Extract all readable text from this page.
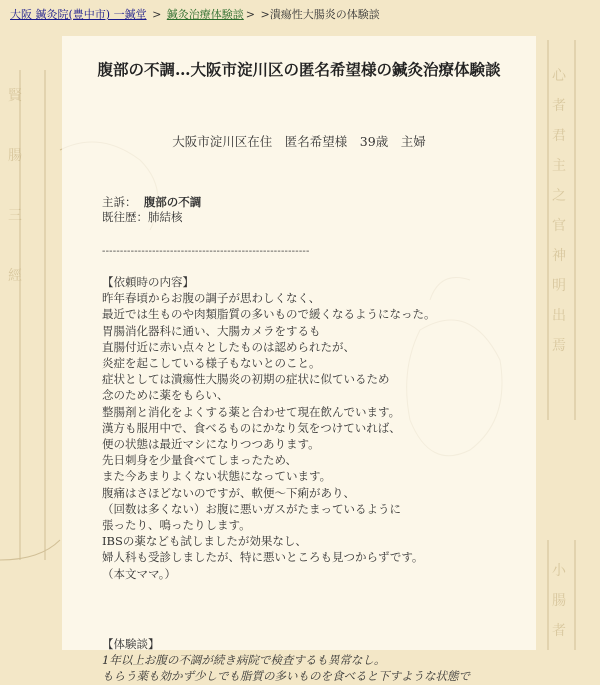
心
者
君
主
之
官
神
明
出
焉
小
腸
者
賢
腸
三
經
大阪 鍼灸院(豊中市) 一鍼堂 > 鍼灸治療体験談 > >潰瘍性大腸炎の体験談
腹部の不調…大阪市淀川区の匿名希望様の鍼灸治療体験談
大阪市淀川区在住　匿名希望様　39歳　主婦
主訴： 腹部の不調
既往歴：肺結核
----------------------------------------------------------
【依頼時の内容】
昨年春頃からお腹の調子が思わしくなく、
最近では生ものや肉類脂質の多いもので緩くなるようになった。
胃腸消化器科に通い、大腸カメラをするも
直腸付近に赤い点々としたものは認められたが、
炎症を起こしている様子もないとのこと。
症状としては潰瘍性大腸炎の初期の症状に似ているため
念のために薬をもらい、
整腸剤と消化をよくする薬と合わせて現在飲んでいます。
漢方も服用中で、食べるものにかなり気をつけていれば、
便の状態は最近マシになりつつあります。
先日刺身を少量食べてしまったため、
また今あまりよくない状態になっています。
腹痛はさほどないのですが、軟便〜下痢があり、
（回数は多くない）お腹に悪いガスがたまっているように
張ったり、鳴ったりします。
IBSの薬なども試しましたが効果なし、
婦人科も受診しましたが、特に悪いところも見つからずです。
（本文ママ。）
【体験談】
1年以上お腹の不調が続き病院で検査するも異常なし。
もらう薬も効かず少しでも脂質の多いものを食べると下すような状態で
